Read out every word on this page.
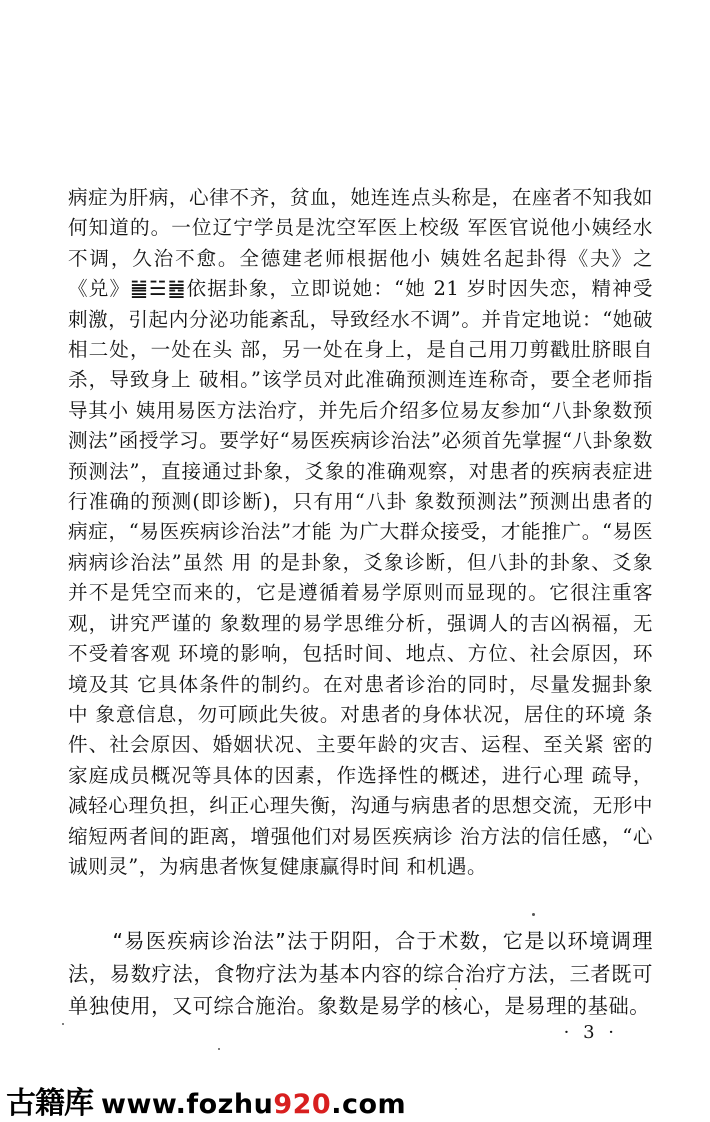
病症为肝病，心律不齐，贫血，她连连点头称是，在座者不知我如何知道的。一位辽宁学员是沈空军医上校级 军医官说他小姨经水不调，久治不愈。全德建老师根据他小 姨姓名起卦得《夬》之《兑》䷪☱䷹依据卦象，立即说她：“她 21 岁时因失恋，精神受刺激，引起内分泌功能紊乱，导致经水不调”。并肯定地说：“她破相二处，一处在头 部，另一处在身上，是自己用刀剪戳肚脐眼自杀，导致身上 破相。”该学员对此准确预测连连称奇，要全老师指导其小 姨用易医方法治疗，并先后介绍多位易友参加“八卦象数预 测法”函授学习。要学好“易医疾病诊治法”必须首先掌握“八卦象数预测法”，直接通过卦象，爻象的准确观察，对患者的疾病表症进行准确的预测(即诊断)，只有用“八卦 象数预测法”预测出患者的病症，“易医疾病诊治法”才能 为广大群众接受，才能推广。“易医病病诊治法”虽然 用 的是卦象，爻象诊断，但八卦的卦象、爻象并不是凭空而来的，它是遵循着易学原则而显现的。它很注重客观，讲究严谨的 象数理的易学思维分析，强调人的吉凶祸福，无不受着客观 环境的影响，包括时间、地点、方位、社会原因，环境及其 它具体条件的制约。在对患者诊治的同时，尽量发掘卦象中 象意信息，勿可顾此失彼。对患者的身体状况，居住的环境 条件、社会原因、婚姻状况、主要年龄的灾吉、运程、至关紧 密的家庭成员概况等具体的因素，作选择性的概述，进行心理 疏导，减轻心理负担，纠正心理失衡，沟通与病患者的思想交流，无形中缩短两者间的距离，增强他们对易医疾病诊 治方法的信任感，“心诚则灵”，为病患者恢复健康赢得时间 和机遇。

“易医疾病诊治法”法于阴阳，合于术数，它是以环境调理法，易数疗法，食物疗法为基本内容的综合治疗方法，三者既可单独使用，又可综合施治。象数是易学的核心，是易理的基础。

· 3 ·
古籍库 www.fozhu920.com
